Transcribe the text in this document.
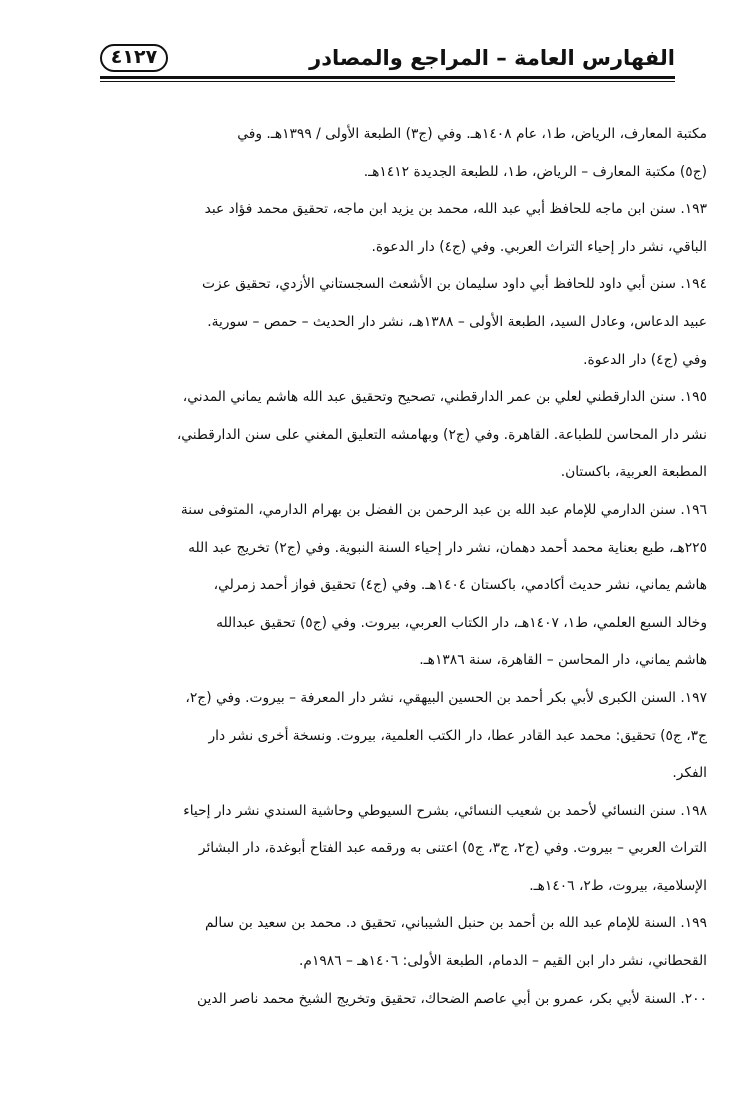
الفهارس العامة – المراجع والمصادر
٤١٢٧
مكتبة المعارف، الرياض، ط١، عام ١٤٠٨هـ. وفي (ج٣) الطبعة الأولى / ١٣٩٩هـ. وفي
(ج٥) مكتبة المعارف – الرياض، ط١، للطبعة الجديدة ١٤١٢هـ.
١٩٣. سنن ابن ماجه للحافظ أبي عبد الله، محمد بن يزيد ابن ماجه، تحقيق محمد فؤاد عبد
الباقي، نشر دار إحياء التراث العربي. وفي (ج٤) دار الدعوة.
١٩٤. سنن أبي داود للحافظ أبي داود سليمان بن الأشعث السجستاني الأزدي، تحقيق عزت
عبيد الدعاس، وعادل السيد، الطبعة الأولى – ١٣٨٨هـ، نشر دار الحديث – حمص – سورية.
وفي (ج٤) دار الدعوة.
١٩٥. سنن الدارقطني لعلي بن عمر الدارقطني، تصحيح وتحقيق عبد الله هاشم يماني المدني،
نشر دار المحاسن للطباعة. القاهرة. وفي (ج٢) وبهامشه التعليق المغني على سنن الدارقطني،
المطبعة العربية، باكستان.
١٩٦. سنن الدارمي للإمام عبد الله بن عبد الرحمن بن الفضل بن بهرام الدارمي، المتوفى سنة
٢٢٥هـ، طبع بعناية محمد أحمد دهمان، نشر دار إحياء السنة النبوية. وفي (ج٢) تخريج عبد الله
هاشم يماني، نشر حديث أكادمي، باكستان ١٤٠٤هـ. وفي (ج٤) تحقيق فواز أحمد زمرلي،
وخالد السبع العلمي، ط١، ١٤٠٧هـ، دار الكتاب العربي، بيروت. وفي (ج٥) تحقيق عبدالله
هاشم يماني، دار المحاسن – القاهرة، سنة ١٣٨٦هـ.
١٩٧. السنن الكبرى لأبي بكر أحمد بن الحسين البيهقي، نشر دار المعرفة – بيروت. وفي (ج٢،
ج٣، ج٥) تحقيق: محمد عبد القادر عطا، دار الكتب العلمية، بيروت. ونسخة أخرى نشر دار
الفكر.
١٩٨. سنن النسائي لأحمد بن شعيب النسائي، بشرح السيوطي وحاشية السندي نشر دار إحياء
التراث العربي – بيروت. وفي (ج٢، ج٣، ج٥) اعتنى به ورقمه عبد الفتاح أبوغدة، دار البشائر
الإسلامية، بيروت، ط٢، ١٤٠٦هـ.
١٩٩. السنة للإمام عبد الله بن أحمد بن حنبل الشيباني، تحقيق د. محمد بن سعيد بن سالم
القحطاني، نشر دار ابن القيم – الدمام، الطبعة الأولى: ١٤٠٦هـ – ١٩٨٦م.
٢٠٠. السنة لأبي بكر، عمرو بن أبي عاصم الضحاك، تحقيق وتخريج الشيخ محمد ناصر الدين
